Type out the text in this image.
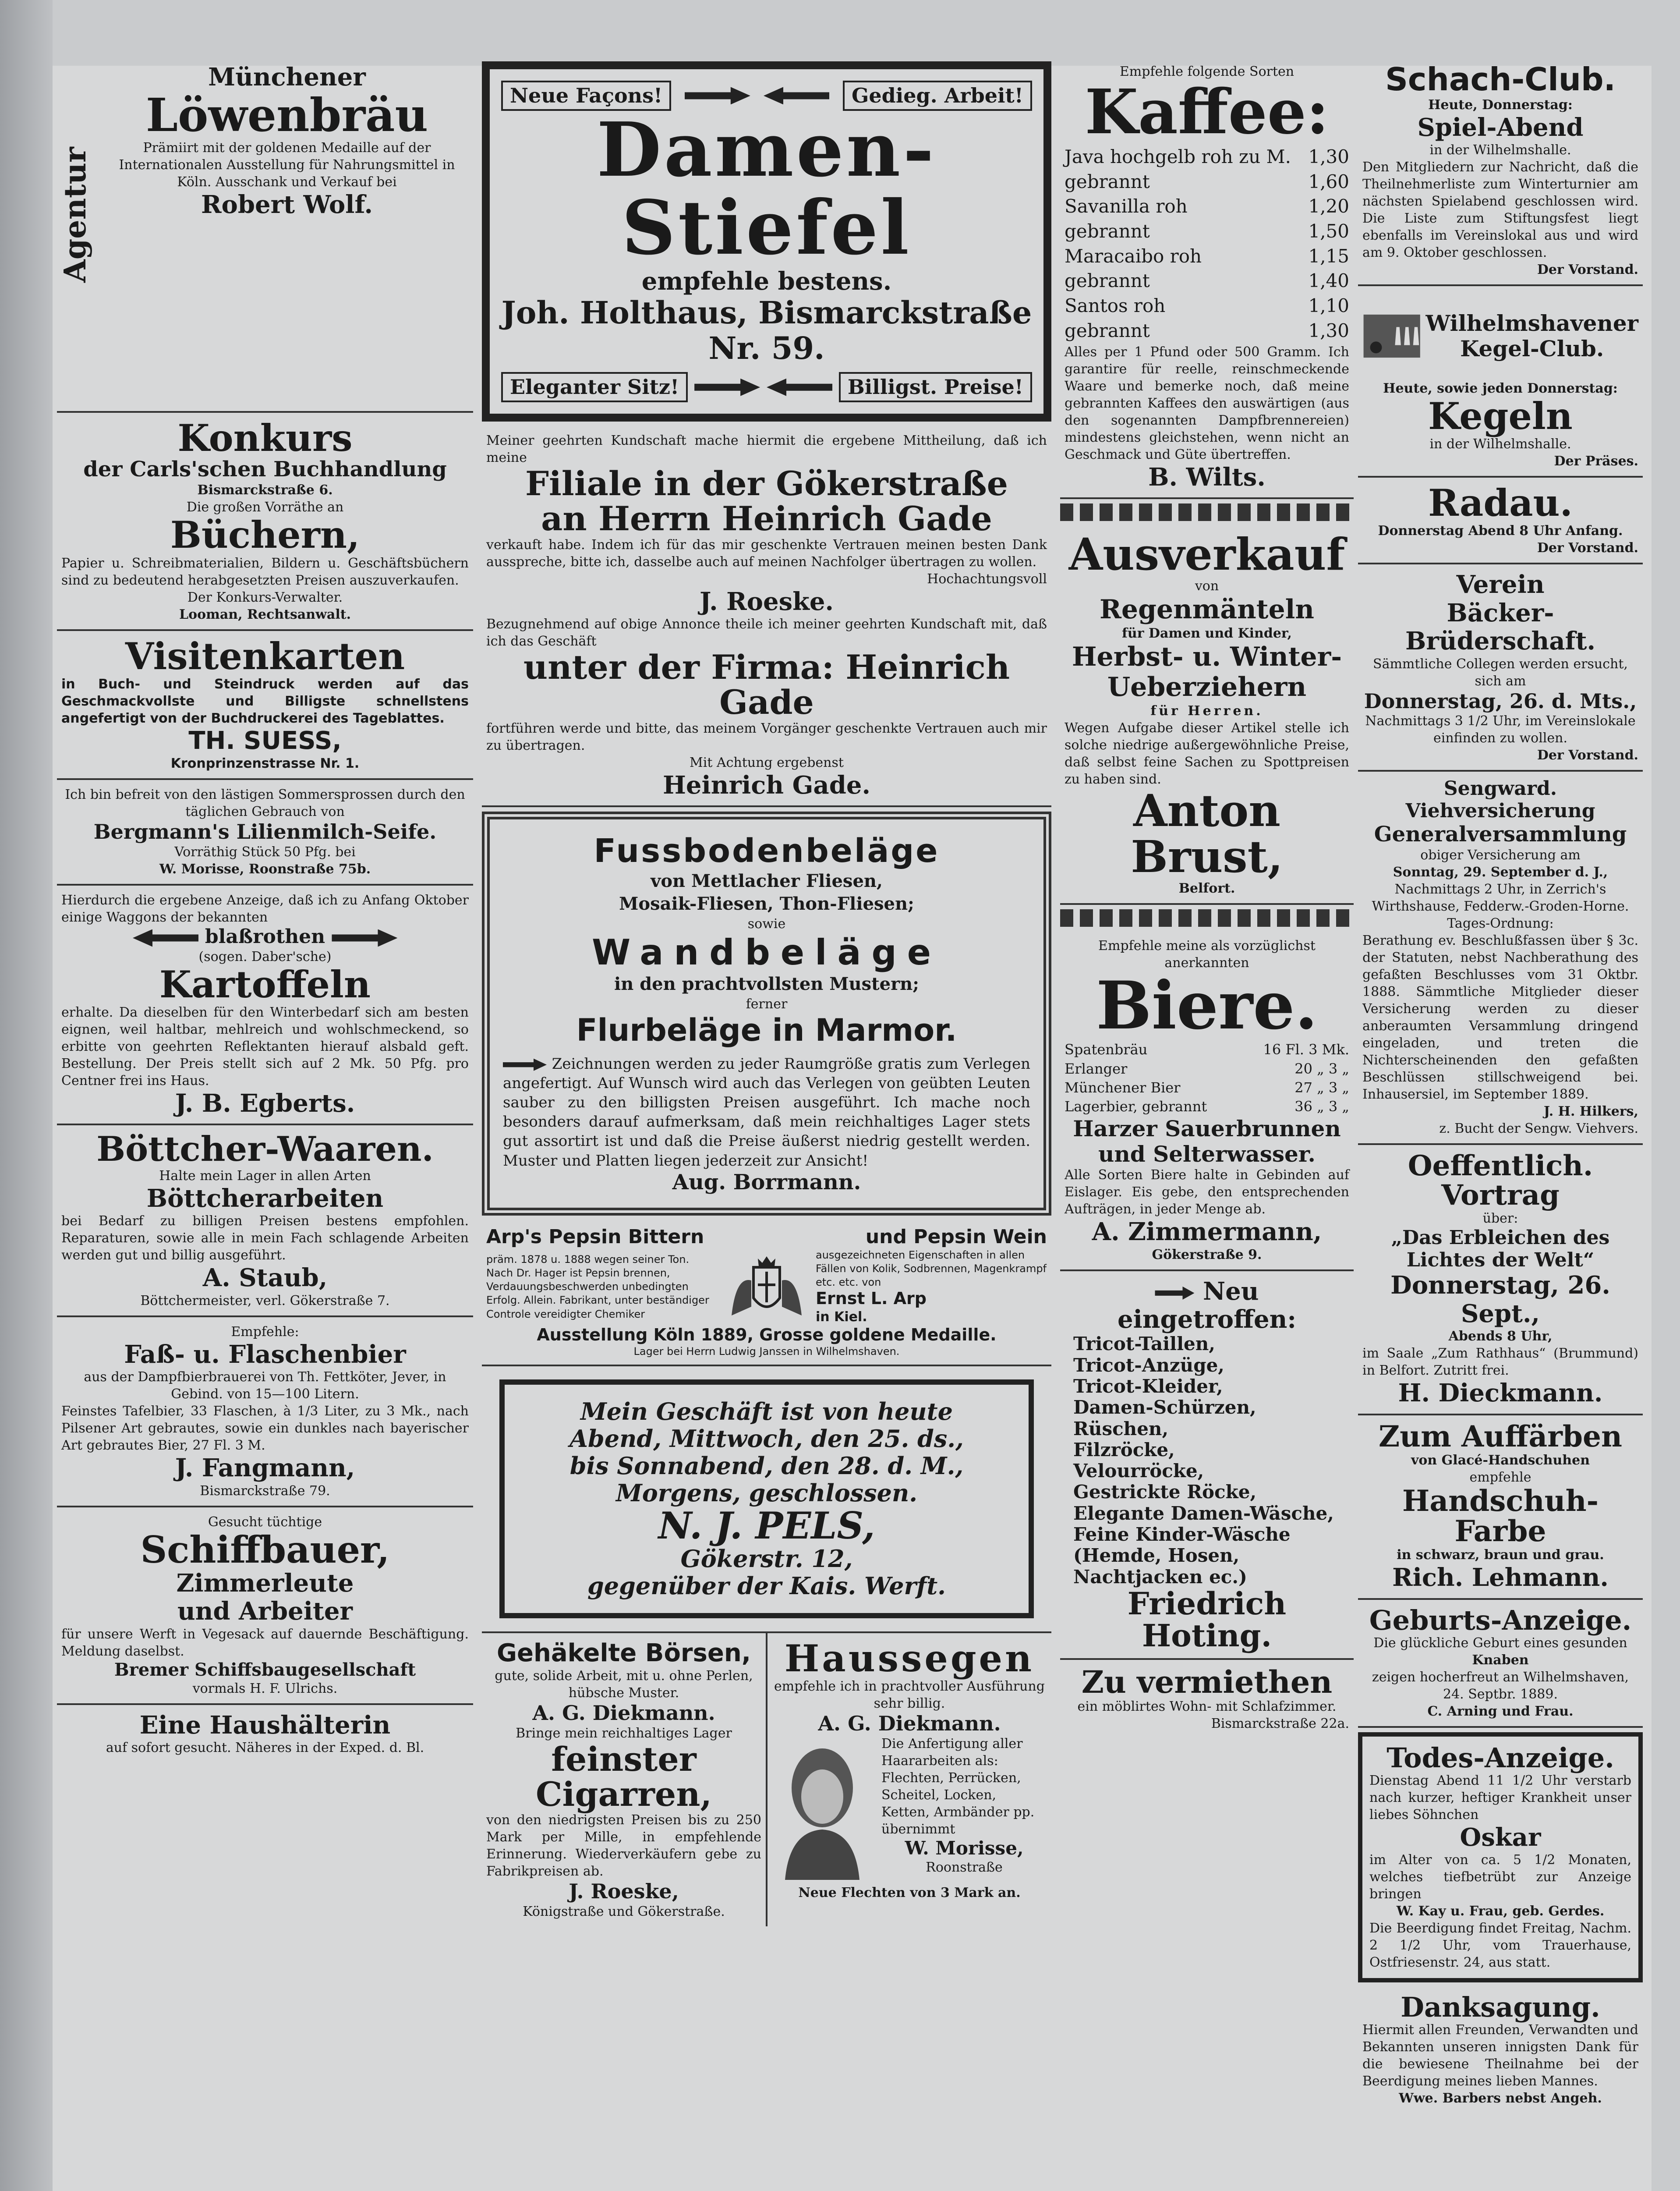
Agentur
Münchener
Löwenbräu
Prämiirt mit der goldenen Medaille auf der Internationalen Ausstellung für Nahrungsmittel in Köln. Ausschank und Verkauf bei
Robert Wolf.
Konkurs
der Carls'schen Buchhandlung
Bismarckstraße 6.
Die großen Vorräthe an
Büchern,
Papier u. Schreibmaterialien, Bildern u. Geschäftsbüchern sind zu bedeutend herabgesetzten Preisen auszuverkaufen.
Der Konkurs-Verwalter.
Looman, Rechtsanwalt.
Visitenkarten
in Buch- und Steindruck werden auf das Geschmackvollste und Billigste schnellstens angefertigt von der Buchdruckerei des Tageblattes.
TH. SUESS,
Kronprinzenstrasse Nr. 1.
Ich bin befreit von den lästigen Sommersprossen durch den täglichen Gebrauch von
Bergmann's Lilienmilch-Seife.
Vorräthig Stück 50 Pfg. bei
W. Morisse, Roonstraße 75b.
Hierdurch die ergebene Anzeige, daß ich zu Anfang Oktober einige Waggons der bekannten
blaßrothen
(sogen. Daber'sche)
Kartoffeln
erhalte. Da dieselben für den Winterbedarf sich am besten eignen, weil haltbar, mehlreich und wohlschmeckend, so erbitte von geehrten Reflektanten hierauf alsbald geft. Bestellung. Der Preis stellt sich auf 2 Mk. 50 Pfg. pro Centner frei ins Haus.
J. B. Egberts.
Böttcher-Waaren.
Halte mein Lager in allen Arten
Böttcherarbeiten
bei Bedarf zu billigen Preisen bestens empfohlen. Reparaturen, sowie alle in mein Fach schlagende Arbeiten werden gut und billig ausgeführt.
A. Staub,
Böttchermeister, verl. Gökerstraße 7.
Empfehle:
Faß- u. Flaschenbier
aus der Dampfbierbrauerei von Th. Fettköter, Jever, in Gebind. von 15—100 Litern.
Feinstes Tafelbier, 33 Flaschen, à 1/3 Liter, zu 3 Mk., nach Pilsener Art gebrautes, sowie ein dunkles nach bayerischer Art gebrautes Bier, 27 Fl. 3 M.
J. Fangmann,
Bismarckstraße 79.
Gesucht tüchtige
Schiffbauer,
Zimmerleute
und Arbeiter
für unsere Werft in Vegesack auf dauernde Beschäftigung. Meldung daselbst.
Bremer Schiffsbaugesellschaft
vormals H. F. Ulrichs.
Eine Haushälterin
auf sofort gesucht. Näheres in der Exped. d. Bl.
Neue Façons!	Gedieg. Arbeit!
Damen-Stiefel
empfehle bestens.
Joh. Holthaus, Bismarckstraße Nr. 59.
Eleganter Sitz!	Billigst. Preise!
Meiner geehrten Kundschaft mache hiermit die ergebene Mittheilung, daß ich meine
Filiale in der Gökerstraße
an Herrn Heinrich Gade
verkauft habe. Indem ich für das mir geschenkte Vertrauen meinen besten Dank ausspreche, bitte ich, dasselbe auch auf meinen Nachfolger übertragen zu wollen.
Hochachtungsvoll
J. Roeske.
Bezugnehmend auf obige Annonce theile ich meiner geehrten Kundschaft mit, daß ich das Geschäft
unter der Firma: Heinrich Gade
fortführen werde und bitte, das meinem Vorgänger geschenkte Vertrauen auch mir zu übertragen.
Mit Achtung ergebenst
Heinrich Gade.
Fussbodenbeläge
von Mettlacher Fliesen,
Mosaik-Fliesen, Thon-Fliesen;
sowie
Wandbeläge
in den prachtvollsten Mustern;
ferner
Flurbeläge in Marmor.
Zeichnungen werden zu jeder Raumgröße gratis zum Verlegen angefertigt. Auf Wunsch wird auch das Verlegen von geübten Leuten sauber zu den billigsten Preisen ausgeführt. Ich mache noch besonders darauf aufmerksam, daß mein reichhaltiges Lager stets gut assortirt ist und daß die Preise äußerst niedrig gestellt werden. Muster und Platten liegen jederzeit zur Ansicht!
Aug. Borrmann.
Arp's Pepsin Bittern	und Pepsin Wein
präm. 1878 u. 1888 wegen seiner Ton. Nach Dr. Hager ist Pepsin brennen, Verdauungsbeschwerden unbedingten Erfolg. Allein. Fabrikant, unter beständiger Controle vereidigter Chemiker
ausgezeichneten Eigenschaften in allen Fällen von Kolik, Sodbrennen, Magenkrampf etc. etc. von
Ernst L. Arp
in Kiel.
Ausstellung Köln 1889, Grosse goldene Medaille.
Lager bei Herrn Ludwig Janssen in Wilhelmshaven.
Mein Geschäft ist von heute
Abend, Mittwoch, den 25. ds.,
bis Sonnabend, den 28. d. M.,
Morgens, geschlossen.
N. J. PELS,
Gökerstr. 12,
gegenüber der Kais. Werft.
Gehäkelte Börsen,
gute, solide Arbeit, mit u. ohne Perlen, hübsche Muster.
A. G. Diekmann.
Bringe mein reichhaltiges Lager
feinster Cigarren,
von den niedrigsten Preisen bis zu 250 Mark per Mille, in empfehlende Erinnerung. Wiederverkäufern gebe zu Fabrikpreisen ab.
J. Roeske,
Königstraße und Gökerstraße.
Haussegen
empfehle ich in prachtvoller Ausführung sehr billig.
A. G. Diekmann.
Die Anfertigung aller Haararbeiten als: Flechten, Perrücken, Scheitel, Locken, Ketten, Armbänder pp. übernimmt
W. Morisse,
Roonstraße
Neue Flechten von 3 Mark an.
Empfehle folgende Sorten
Kaffee:
Java hochgelb roh zu M. 1,30
gebrannt	1,60
Savanilla roh	1,20
gebrannt	1,50
Maracaibo roh	1,15
gebrannt	1,40
Santos roh	1,10
gebrannt	1,30
Alles per 1 Pfund oder 500 Gramm. Ich garantire für reelle, reinschmeckende Waare und bemerke noch, daß meine gebrannten Kaffees den auswärtigen (aus den sogenannten Dampfbrennereien) mindestens gleichstehen, wenn nicht an Geschmack und Güte übertreffen.
B. Wilts.
Ausverkauf
von
Regenmänteln
für Damen und Kinder,
Herbst- u. Winter-
Ueberziehern
für Herren.
Wegen Aufgabe dieser Artikel stelle ich solche niedrige außergewöhnliche Preise, daß selbst feine Sachen zu Spottpreisen zu haben sind.
Anton Brust,
Belfort.
Empfehle meine als vorzüglichst anerkannten
Biere.
Spatenbräu	16 Fl. 3 Mk.
Erlanger	20 „ 3 „
Münchener Bier	27 „ 3 „
Lagerbier, gebrannt	36 „ 3 „
Harzer Sauerbrunnen und Selterwasser.
Alle Sorten Biere halte in Gebinden auf Eislager. Eis gebe, den entsprechenden Aufträgen, in jeder Menge ab.
A. Zimmermann,
Gökerstraße 9.
Neu eingetroffen:
Tricot-Taillen,
Tricot-Anzüge,
Tricot-Kleider,
Damen-Schürzen,
Rüschen,
Filzröcke,
Velourröcke,
Gestrickte Röcke,
Elegante Damen-Wäsche,
Feine Kinder-Wäsche
(Hemde, Hosen, Nachtjacken ec.)
Friedrich Hoting.
Zu vermiethen
ein möblirtes Wohn- mit Schlafzimmer.
Bismarckstraße 22a.
Schach-Club.
Heute, Donnerstag:
Spiel-Abend
in der Wilhelmshalle.
Den Mitgliedern zur Nachricht, daß die Theilnehmerliste zum Winterturnier am nächsten Spielabend geschlossen wird. Die Liste zum Stiftungsfest liegt ebenfalls im Vereinslokal aus und wird am 9. Oktober geschlossen.
Der Vorstand.
Wilhelmshavener Kegel-Club.
Heute, sowie jeden Donnerstag:
Kegeln
in der Wilhelmshalle.
Der Präses.
Radau.
Donnerstag Abend 8 Uhr Anfang.
Der Vorstand.
Verein
Bäcker-Brüderschaft.
Sämmtliche Collegen werden ersucht, sich am
Donnerstag, 26. d. Mts.,
Nachmittags 3 1/2 Uhr, im Vereinslokale einfinden zu wollen.
Der Vorstand.
Sengward. Viehversicherung
Generalversammlung
obiger Versicherung am
Sonntag, 29. September d. J.,
Nachmittags 2 Uhr, in Zerrich's Wirthshause, Fedderw.-Groden-Horne.
Tages-Ordnung:
Berathung ev. Beschlußfassen über § 3c. der Statuten, nebst Nachberathung des gefaßten Beschlusses vom 31 Oktbr. 1888. Sämmtliche Mitglieder dieser Versicherung werden zu dieser anberaumten Versammlung dringend eingeladen, und treten die Nichterscheinenden den gefaßten Beschlüssen stillschweigend bei. Inhausersiel, im September 1889.
J. H. Hilkers,
z. Bucht der Sengw. Viehvers.
Oeffentlich. Vortrag
über:
„Das Erbleichen des Lichtes der Welt“
Donnerstag, 26. Sept.,
Abends 8 Uhr,
im Saale „Zum Rathhaus“ (Brummund) in Belfort. Zutritt frei.
H. Dieckmann.
Zum Auffärben
von Glacé-Handschuhen
empfehle
Handschuh-Farbe
in schwarz, braun und grau.
Rich. Lehmann.
Geburts-Anzeige.
Die glückliche Geburt eines gesunden
Knaben
zeigen hocherfreut an Wilhelmshaven, 24. Septbr. 1889.
C. Arning und Frau.
Todes-Anzeige.
Dienstag Abend 11 1/2 Uhr verstarb nach kurzer, heftiger Krankheit unser liebes Söhnchen
Oskar
im Alter von ca. 5 1/2 Monaten, welches tiefbetrübt zur Anzeige bringen
W. Kay u. Frau, geb. Gerdes.
Die Beerdigung findet Freitag, Nachm. 2 1/2 Uhr, vom Trauerhause, Ostfriesenstr. 24, aus statt.
Danksagung.
Hiermit allen Freunden, Verwandten und Bekannten unseren innigsten Dank für die bewiesene Theilnahme bei der Beerdigung meines lieben Mannes.
Wwe. Barbers nebst Angeh.
